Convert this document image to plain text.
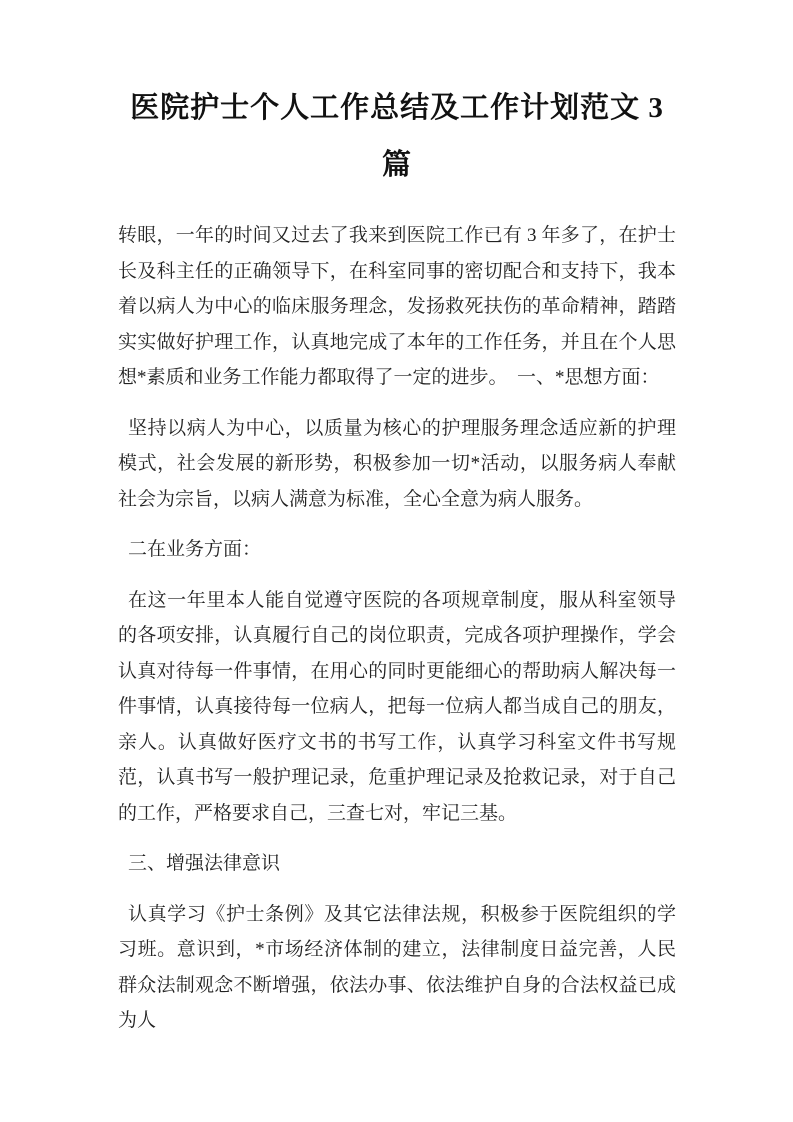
医院护士个人工作总结及工作计划范文 3
篇

转眼，一年的时间又过去了我来到医院工作已有 3 年多了，在护士长及科主任的正确领导下，在科室同事的密切配合和支持下，我本着以病人为中心的临床服务理念，发扬救死扶伤的革命精神，踏踏实实做好护理工作，认真地完成了本年的工作任务，并且在个人思想*素质和业务工作能力都取得了一定的进步。　一、*思想方面：

坚持以病人为中心，以质量为核心的护理服务理念适应新的护理模式，社会发展的新形势，积极参加一切*活动，以服务病人奉献社会为宗旨，以病人满意为标准，全心全意为病人服务。

二在业务方面：

在这一年里本人能自觉遵守医院的各项规章制度，服从科室领导的各项安排，认真履行自己的岗位职责，完成各项护理操作，学会认真对待每一件事情，在用心的同时更能细心的帮助病人解决每一件事情，认真接待每一位病人，把每一位病人都当成自己的朋友，亲人。认真做好医疗文书的书写工作，认真学习科室文件书写规范，认真书写一般护理记录，危重护理记录及抢救记录，对于自己的工作，严格要求自己，三查七对，牢记三基。

三、增强法律意识

认真学习《护士条例》及其它法律法规，积极参于医院组织的学习班。意识到，*市场经济体制的建立，法律制度日益完善，人民群众法制观念不断增强，依法办事、依法维护自身的合法权益已成为人
